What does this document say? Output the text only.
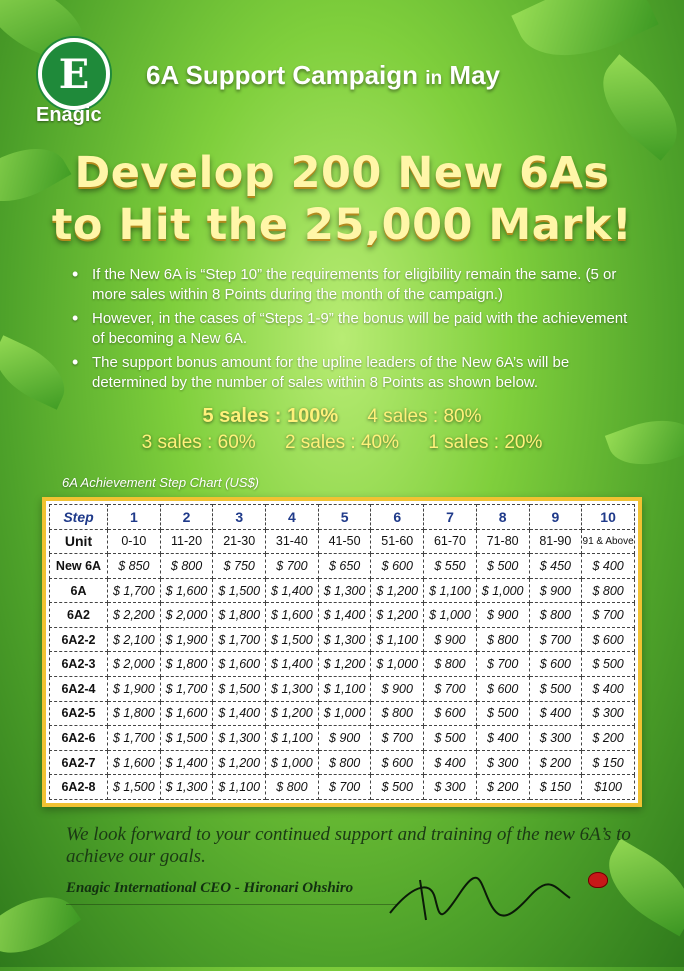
E
Enagic
6A Support Campaign in May
Develop 200 New 6As
to Hit the 25,000 Mark!
• If the New 6A is “Step 10” the requirements for eligibility remain the same. (5 or more sales within 8 Points during the month of the campaign.)
• However, in the cases of “Steps 1-9” the bonus will be paid with the achievement of becoming a New 6A.
• The support bonus amount for the upline leaders of the New 6A’s will be determined by the number of sales within 8 Points as shown below.
5 sales : 100% 4 sales : 80%
3 sales : 60% 2 sales : 40% 1 sales : 20%
6A Achievement Step Chart (US$)
Step	1	2	3	4	5	6	7	8	9	10
Unit	0-10	11-20	21-30	31-40	41-50	51-60	61-70	71-80	81-90	91 & Above
New 6A	$ 850	$ 800	$ 750	$ 700	$ 650	$ 600	$ 550	$ 500	$ 450	$ 400
6A	$ 1,700	$ 1,600	$ 1,500	$ 1,400	$ 1,300	$ 1,200	$ 1,100	$ 1,000	$ 900	$ 800
6A2	$ 2,200	$ 2,000	$ 1,800	$ 1,600	$ 1,400	$ 1,200	$ 1,000	$ 900	$ 800	$ 700
6A2-2	$ 2,100	$ 1,900	$ 1,700	$ 1,500	$ 1,300	$ 1,100	$ 900	$ 800	$ 700	$ 600
6A2-3	$ 2,000	$ 1,800	$ 1,600	$ 1,400	$ 1,200	$ 1,000	$ 800	$ 700	$ 600	$ 500
6A2-4	$ 1,900	$ 1,700	$ 1,500	$ 1,300	$ 1,100	$ 900	$ 700	$ 600	$ 500	$ 400
6A2-5	$ 1,800	$ 1,600	$ 1,400	$ 1,200	$ 1,000	$ 800	$ 600	$ 500	$ 400	$ 300
6A2-6	$ 1,700	$ 1,500	$ 1,300	$ 1,100	$ 900	$ 700	$ 500	$ 400	$ 300	$ 200
6A2-7	$ 1,600	$ 1,400	$ 1,200	$ 1,000	$ 800	$ 600	$ 400	$ 300	$ 200	$ 150
6A2-8	$ 1,500	$ 1,300	$ 1,100	$ 800	$ 700	$ 500	$ 300	$ 200	$ 150	$100
We look forward to your continued support and training of the new 6A’s to achieve our goals.
Enagic International CEO - Hironari Ohshiro
